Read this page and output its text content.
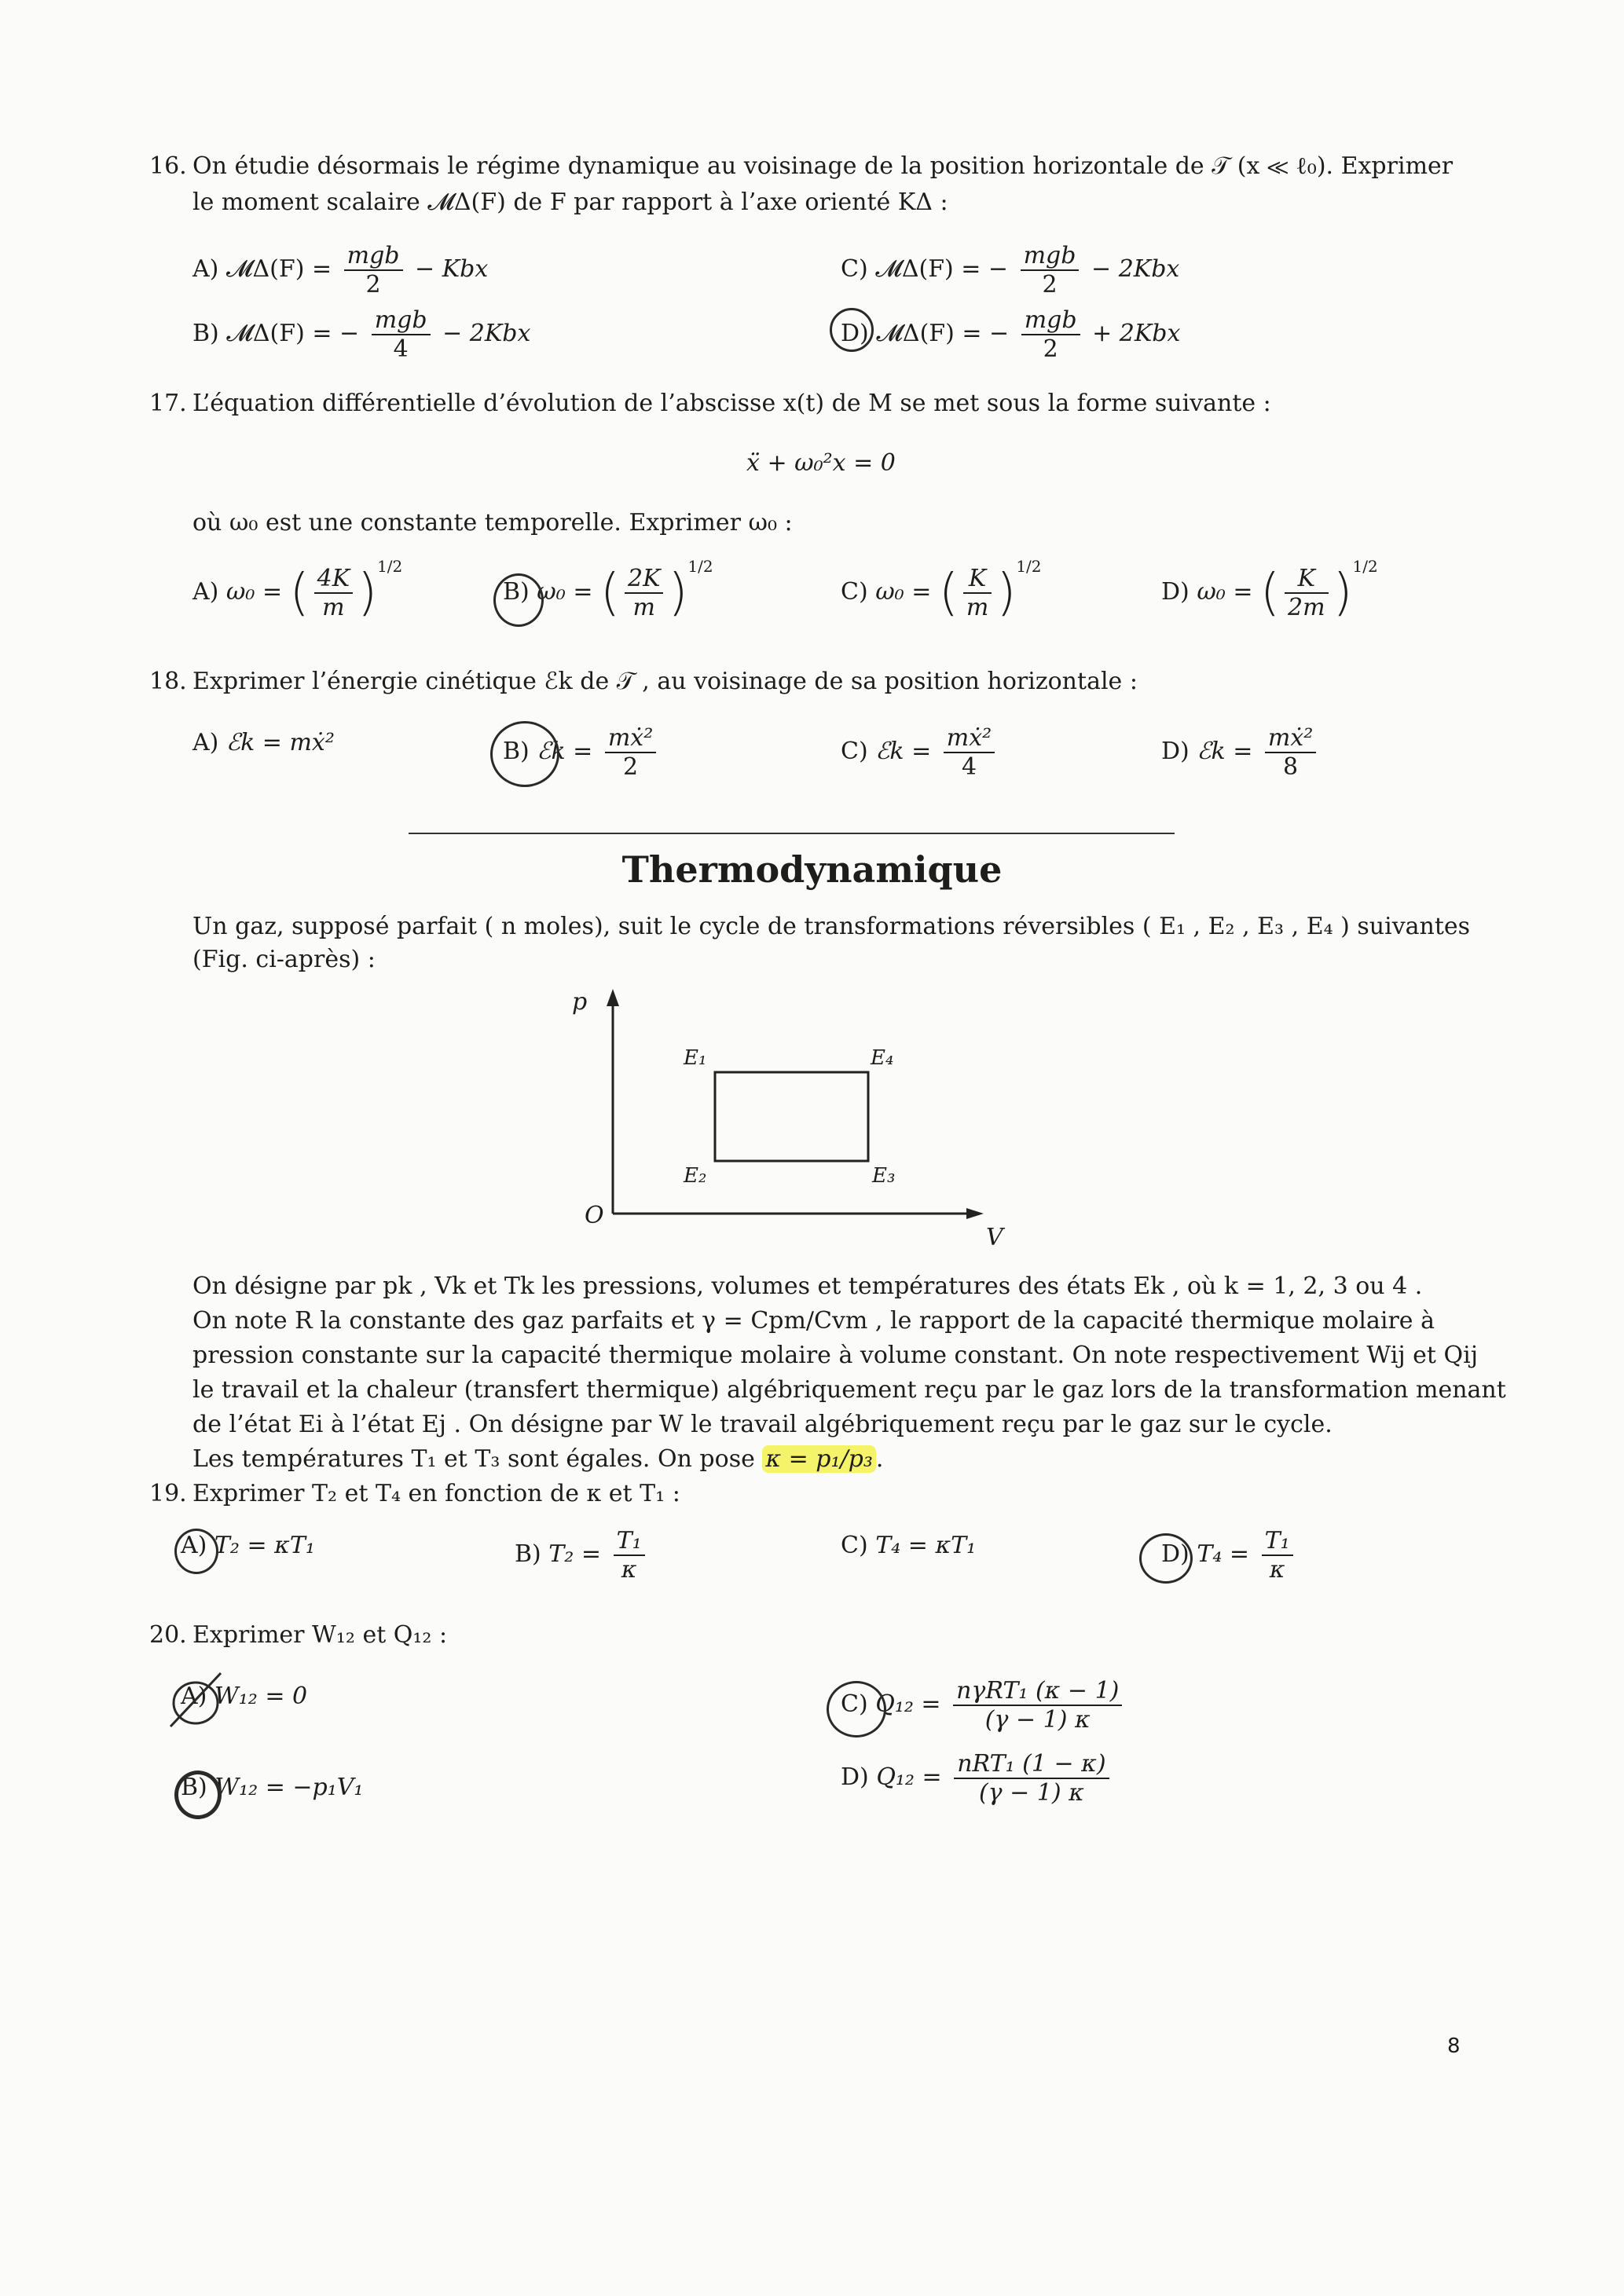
16. On étudie désormais le régime dynamique au voisinage de la position horizontale de 𝒯 (x ≪ ℓ₀). Exprimer
le moment scalaire 𝓜Δ(F) de F par rapport à l’axe orienté KΔ :
A) 𝓜Δ(F) = mgb
2
− Kbx
B) 𝓜Δ(F) = − mgb
4
− 2Kbx
C) 𝓜Δ(F) = − mgb
2
− 2Kbx
D) 𝓜Δ(F) = − mgb
2
+ 2Kbx
17. L’équation différentielle d’évolution de l’abscisse x(t) de M se met sous la forme suivante :
ẍ + ω₀²x = 0
où ω₀ est une constante temporelle. Exprimer ω₀ :
A) ω₀ = ( $\frac{4K}{m} )^{1/2}$
B) ω₀ = ( $\frac{2K}{m} )^{1/2}$
C) ω₀ = ( $\frac{K}{m} )^{1/2}$
D) ω₀ = ( $\frac{K}{2m} )^{1/2}$
18. Exprimer l’énergie cinétique ℰk de 𝒯 , au voisinage de sa position horizontale :
A) ℰk = mẋ²	B) ℰk = $\frac{\text{mẋ²}}{2}$	C) ℰk = $\frac{\text{mẋ²}}{4}$	D) ℰk = $\frac{\text{mẋ²}}{8}$
Thermodynamique
Un gaz, supposé parfait ( n moles), suit le cycle de transformations réversibles ( E₁ , E₂ , E₃ , E₄ ) suivantes
(Fig. ci-après) :
p
V
O
E₁	E₄
E₂	E₃
On désigne par pk , Vk et Tk les pressions, volumes et températures des états Ek , où k = 1, 2, 3 ou 4 .
On note R la constante des gaz parfaits et γ = Cpm/Cvm , le rapport de la capacité thermique molaire à
pression constante sur la capacité thermique molaire à volume constant. On note respectivement Wij et Qij
le travail et la chaleur (transfert thermique) algébriquement reçu par le gaz lors de la transformation menant
de l’état Ei à l’état Ej . On désigne par W le travail algébriquement reçu par le gaz sur le cycle.
Les températures T₁ et T₃ sont égales. On pose κ = p₁/p₃ .
19. Exprimer T₂ et T₄ en fonction de κ et T₁ :
A) T₂ = κT₁	B) $T_2 = \frac{\text{T₁}}{\kappa}$	C) T₄ = κT₁	D) $T_4 = \frac{\text{T₁}}{\kappa}$
20. Exprimer W₁₂ et Q₁₂ :
A) W₁₂ = 0
B) W₁₂ = −p₁V₁
C) Q₁₂ = nγRT₁ (κ − 1)
(γ − 1) κ
D) Q₁₂ = nRT₁ (1 − κ)
(γ − 1) κ
8
